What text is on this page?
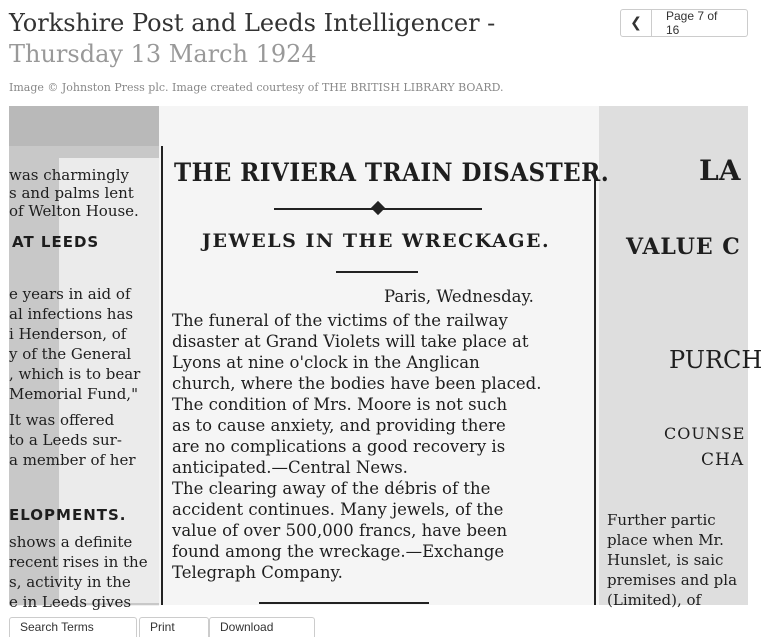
Yorkshire Post and Leeds Intelligencer - Thursday 13 March 1924
❮	Page 7 of 16
Image © Johnston Press plc. Image created courtesy of THE BRITISH LIBRARY BOARD.
was charmingly
s and palms lent
of Welton House.
AT LEEDS
e years in aid of
al infections has
i Henderson, of
y of the General
, which is to bear
Memorial Fund,"
It was offered
to a Leeds sur-
a member of her
ELOPMENTS.
shows a definite
recent rises in the
s, activity in the
e in Leeds gives
THE RIVIERA TRAIN DISASTER.
JEWELS IN THE WRECKAGE.
Paris, Wednesday.
The funeral of the victims of the railway
disaster at Grand Violets will take place at
Lyons at nine o'clock in the Anglican
church, where the bodies have been placed.
The condition of Mrs. Moore is not such
as to cause anxiety, and providing there
are no complications a good recovery is
anticipated.—Central News.
The clearing away of the débris of the
accident continues. Many jewels, of the
value of over 500,000 francs, have been
found among the wreckage.—Exchange
Telegraph Company.
LA
VALUE C
PURCH
COUNSE
CHA
Further partic
place when Mr.
Hunslet, is saic
premises and pla
(Limited), of
Search Terms	Print	Download
